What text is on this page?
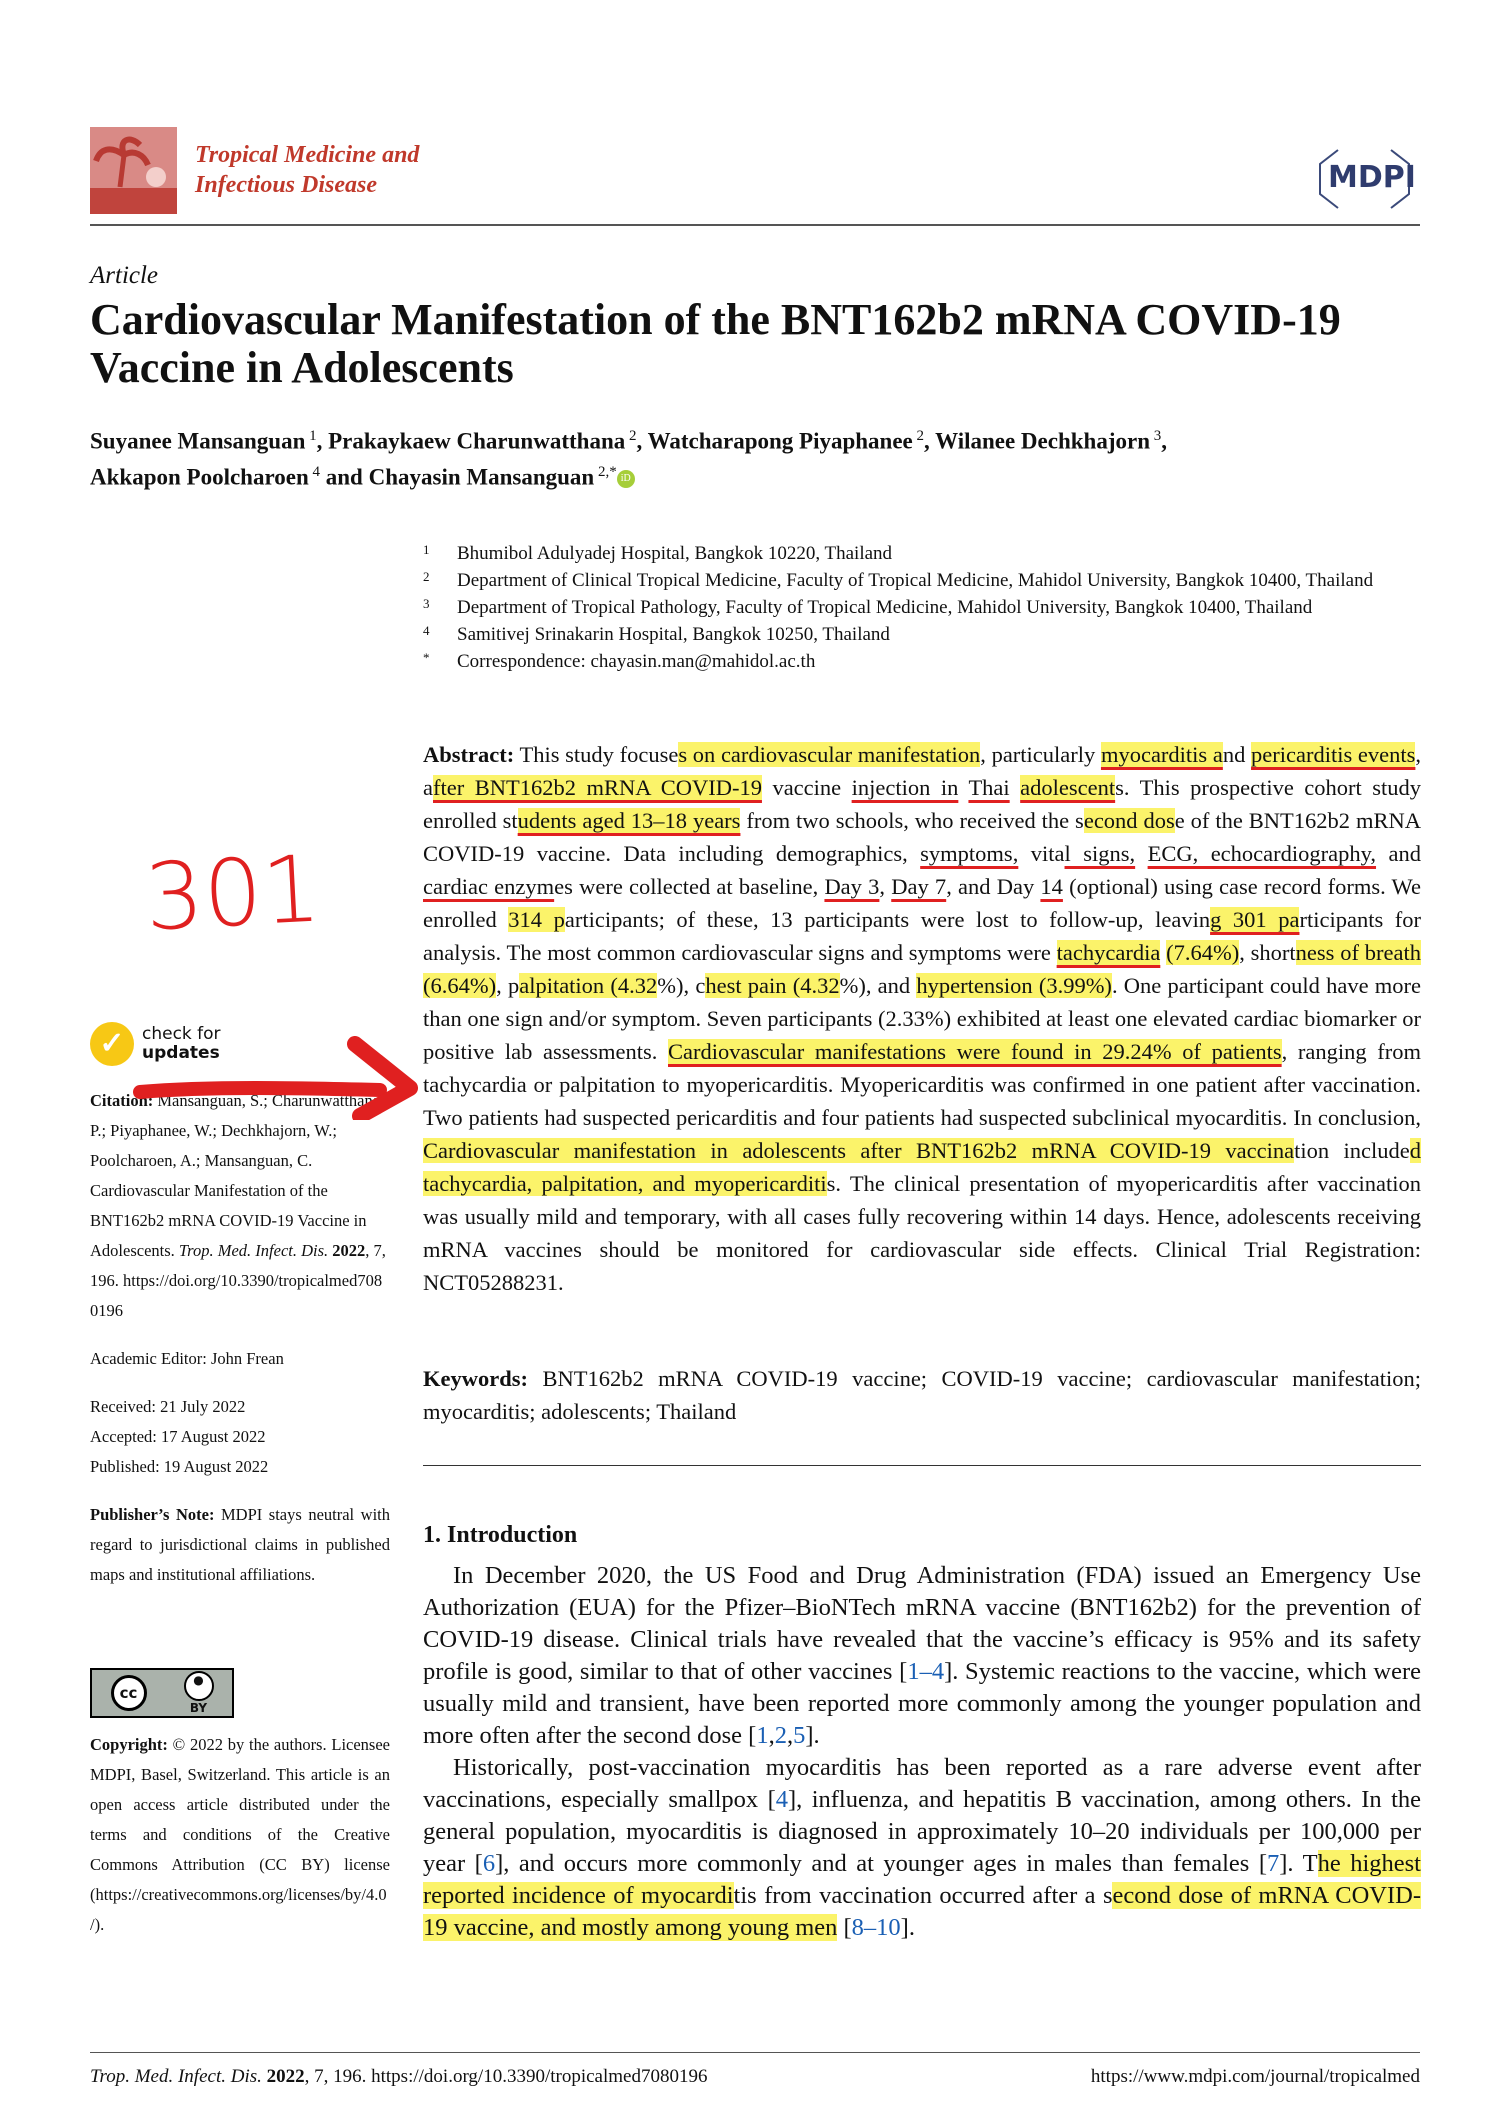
Tropical Medicine and
Infectious Disease	MDPI
Article
Cardiovascular Manifestation of the BNT162b2 mRNA COVID-19 Vaccine in Adolescents
Suyanee Mansanguan $^1$, Prakaykaew Charunwatthana $^2$, Watcharapong Piyaphanee $^2$, Wilanee Dechkhajorn $^3$,
Akkapon Poolcharoen $^4$ and Chayasin Mansanguan $^{2,*}$ iD
1	Bhumibol Adulyadej Hospital, Bangkok 10220, Thailand
2	Department of Clinical Tropical Medicine, Faculty of Tropical Medicine, Mahidol University, Bangkok 10400, Thailand
3	Department of Tropical Pathology, Faculty of Tropical Medicine, Mahidol University, Bangkok 10400, Thailand
4	Samitivej Srinakarin Hospital, Bangkok 10250, Thailand
*	Correspondence: chayasin.man@mahidol.ac.th
Abstract: This study focuses on cardiovascular manifestation, particularly myocarditis and pericarditis events, after BNT162b2 mRNA COVID-19 vaccine injection in Thai adolescents. This prospective cohort study enrolled students aged 13–18 years from two schools, who received the second dose of the BNT162b2 mRNA COVID-19 vaccine. Data including demographics, symptoms, vital signs, ECG, echocardiography, and cardiac enzymes were collected at baseline, Day 3, Day 7, and Day 14 (optional) using case record forms. We enrolled 314 participants; of these, 13 participants were lost to follow-up, leaving 301 participants for analysis. The most common cardiovascular signs and symptoms were tachycardia (7.64%), shortness of breath (6.64%), palpitation (4.32%), chest pain (4.32%), and hypertension (3.99%). One participant could have more than one sign and/or symptom. Seven participants (2.33%) exhibited at least one elevated cardiac biomarker or positive lab assessments. Cardiovascular manifestations were found in 29.24% of patients, ranging from tachycardia or palpitation to myopericarditis. Myopericarditis was confirmed in one patient after vaccination. Two patients had suspected pericarditis and four patients had suspected subclinical myocarditis. In conclusion, Cardiovascular manifestation in adolescents after BNT162b2 mRNA COVID-19 vaccination included tachycardia, palpitation, and myopericarditis. The clinical presentation of myopericarditis after vaccination was usually mild and temporary, with all cases fully recovering within 14 days. Hence, adolescents receiving mRNA vaccines should be monitored for cardiovascular side effects. Clinical Trial Registration: NCT05288231.
Keywords: BNT162b2 mRNA COVID-19 vaccine; COVID-19 vaccine; cardiovascular manifestation; myocarditis; adolescents; Thailand
1. Introduction

In December 2020, the US Food and Drug Administration (FDA) issued an Emergency Use Authorization (EUA) for the Pfizer–BioNTech mRNA vaccine (BNT162b2) for the prevention of COVID-19 disease. Clinical trials have revealed that the vaccine’s efficacy is 95% and its safety profile is good, similar to that of other vaccines [1–4]. Systemic reactions to the vaccine, which were usually mild and transient, have been reported more commonly among the younger population and more often after the second dose [1,2,5].

Historically, post-vaccination myocarditis has been reported as a rare adverse event after vaccinations, especially smallpox [4], influenza, and hepatitis B vaccination, among others. In the general population, myocarditis is diagnosed in approximately 10–20 individuals per 100,000 per year [6], and occurs more commonly and at younger ages in males than females [7]. The highest reported incidence of myocarditis from vaccination occurred after a second dose of mRNA COVID-19 vaccine, and mostly among young men [8–10].

✓	check for
updates

Citation: Mansanguan, S.; Charunwatthana, P.; Piyaphanee, W.; Dechkhajorn, W.; Poolcharoen, A.; Mansanguan, C. Cardiovascular Manifestation of the BNT162b2 mRNA COVID-19 Vaccine in Adolescents. Trop. Med. Infect. Dis. 2022, 7, 196. https://doi.org/10.3390/tropicalmed7080196

Academic Editor: John Frean

Received: 21 July 2022

Accepted: 17 August 2022

Published: 19 August 2022

Publisher’s Note: MDPI stays neutral with regard to jurisdictional claims in published maps and institutional affiliations.

cc
●
BY
Copyright: © 2022 by the authors. Licensee MDPI, Basel, Switzerland. This article is an open access article distributed under the terms and conditions of the Creative Commons Attribution (CC BY) license (https://creativecommons.org/licenses/by/4.0/).
Trop. Med. Infect. Dis. 2022, 7, 196. https://doi.org/10.3390/tropicalmed7080196	https://www.mdpi.com/journal/tropicalmed
301
